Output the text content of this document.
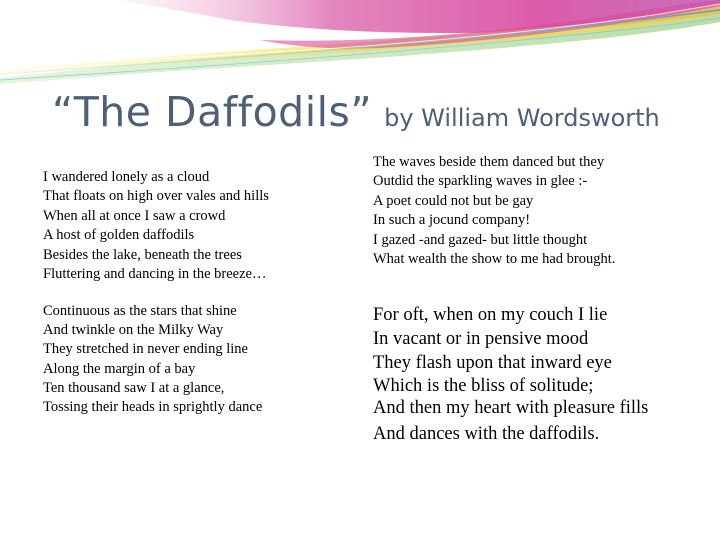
“The Daffodils” by William Wordsworth
I wandered lonely as a cloud
That floats on high over vales and hills
When all at once I saw a crowd
A host of golden daffodils
Besides the lake, beneath the trees
Fluttering and dancing in the breeze…
The waves beside them danced but they
Outdid the sparkling waves in glee :-
A poet could not but be gay
In such a jocund company!
I gazed -and gazed- but little thought
What wealth the show to me had brought.
Continuous as the stars that shine
And twinkle on the Milky Way
They stretched in never ending line
Along the margin of a bay
Ten thousand saw I at a glance,
Tossing their heads in sprightly dance
For oft, when on my couch I lie
In vacant or in pensive mood
They flash upon that inward eye
Which is the bliss of solitude;
And then my heart with pleasure fills
And dances with the daffodils.
